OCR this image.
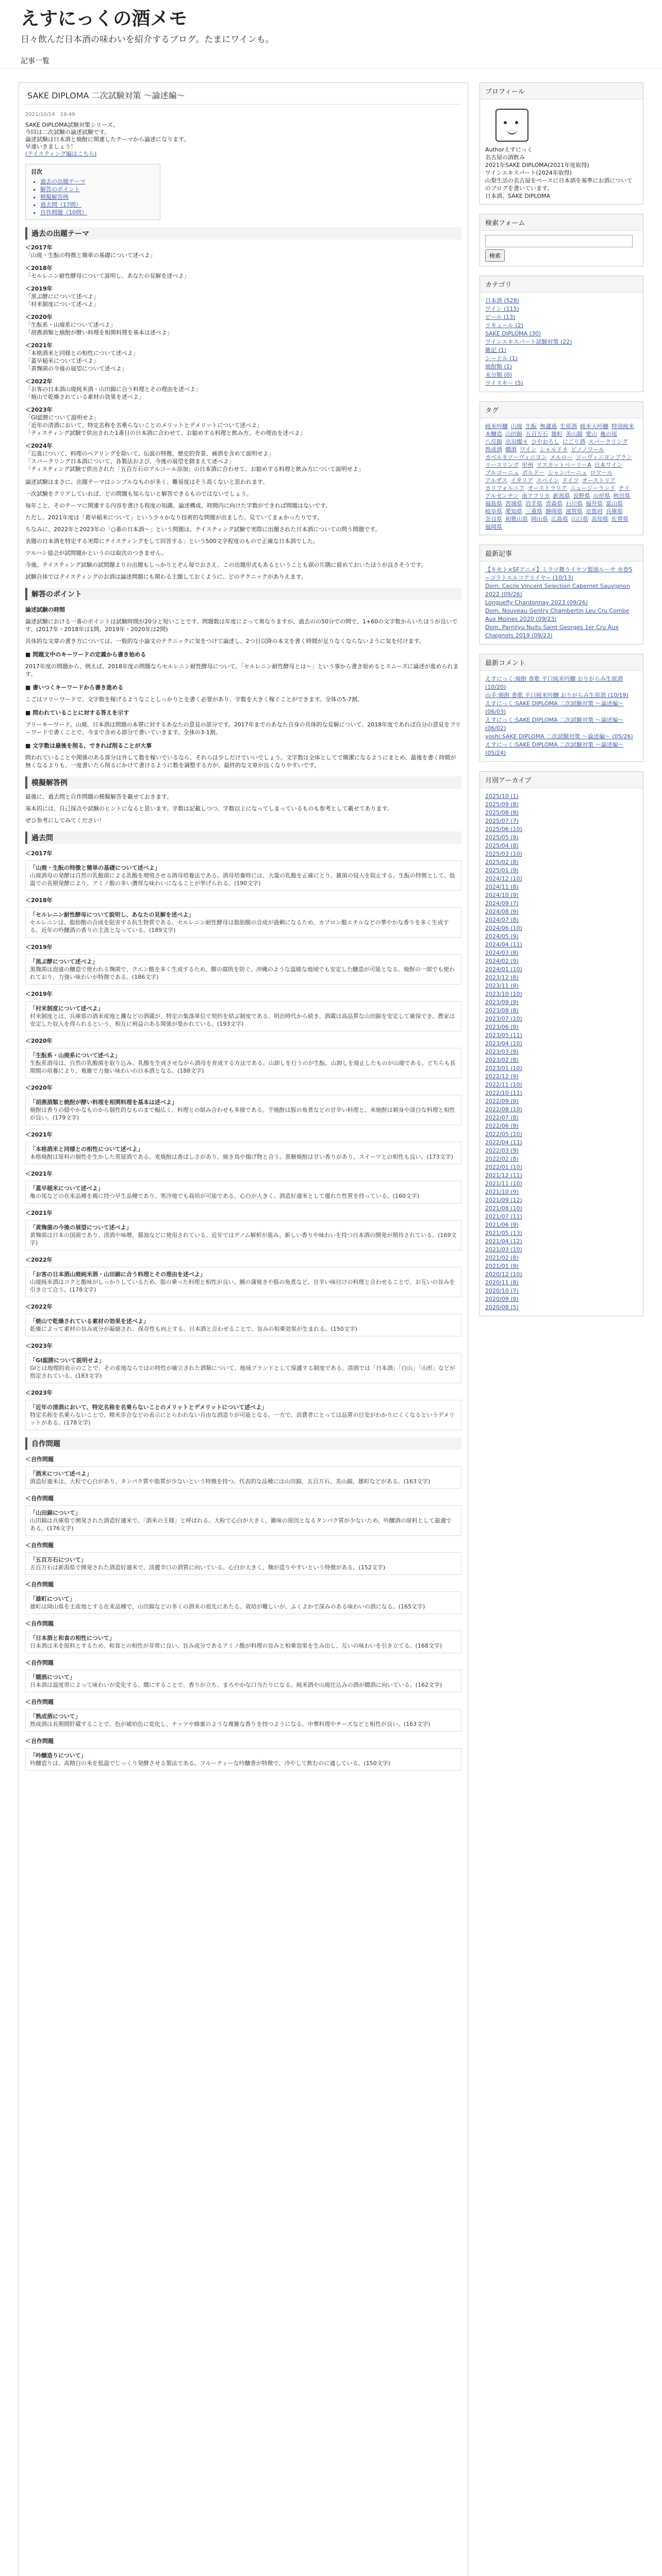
えすにっくの酒メモ
日々飲んだ日本酒の味わいを紹介するブログ。たまにワインも。
記事一覧
SAKE DIPLOMA 二次試験対策 〜論述編〜
2021/10/14　19:49

SAKE DIPLOMA試験対策シリーズ。

今回は二次試験の論述試験です。

論述試験は日本酒と焼酎に関連したテーマから論述になります。

早速いきましょう！

(テイスティング編はこちら)

目次
• 過去の出題テーマ
• 解答のポイント
• 模擬解答例
• 過去問（17問）
• 自作問題（10問）
過去の出題テーマ
＜2017年
「山廃・生酛の特徴と簡単の基礎について述べよ」
＜2018年
「セルレニン耐性酵母について説明し、あなたの見解を述べよ」
＜2019年
「黒ぶ酵にについて述べよ」
「村米制度について述べよ」
＜2020年
「生酛系・山廃系について述べよ」
「胡燕酒類と焼酎が酵い料理を相関料理を基本は述べよ」
＜2021年
「本格酒米と同様との相性について述べよ」
「蓋早稲米について述べよ」
「黄麹菌の今後の展望について述べよ」
＜2022年
「お客の日本酒山廃純米酒・山田錦に合う料理とその理由を述べよ」
「焼山で乾燥されている素材の効果を述べよ」
＜2023年
「GI認勝について説明せよ」
「近年の清酒において、特定名称を名乗らないことのメリットとデメリットについて述べよ」
「ティスティング試験で供出された1番目の日本酒に合わせて、お勧めする料理と飲み方、その理由を述べよ」
＜2024年
「忘進について、料理のペアリングを除いて、伝説の特徴、歴史的背景、痛酒を含めて説明せよ」
「スパークリング日本酒について、各製法および、今後の展望を踏まえて述べよ」
「ティスティング試験で供出された「五百万石のアルコール添加」の日本酒に合わせて、お勧めする料理と飲み方について説明せよ」
論述試験はまさに、出題テーマはシンプルなものが多く、難易度はそう高くないと思われます。
一次試験をクリアしていれば、どの問題も知らないと解答できるものではないでしょう。
毎年こと、そのテーマに関連する内容を書ける程度の知識、論述構成、時間内に向けた字数ができれば問題はないです。
ただし、2021年度は「葛早稲米について」という少々かなり技術的な問題が出ました。見ていてまぁかったりです。
ちなみに、2022年と2023年の「○番の日本酒～」という問題は、テイスティング試験で実際に出題された日本酒についての問う問題です。
表題の日本酒を特定する実際にテイスティングをして回答する」という500文字程度のもので正確な日本酒でした。
ツルハシ協会が試問題かというのは取次のつきません。
今後、テイスティング試験の試問題よりの出題もしっかりとぞん毎でおさえ、この出題形式もあるということも頭の片隅に留めておいたほうが良さそうです。
試験自体ではテイスティングのお酒は論述問題にも関わる主題しておくように、どのテクニックがありえます。
解答のポイント
論述試験の時間
論述試験における一番のポイントは試験時間が20分と短いことです。問題数は年度によって異なりますが、過去のの50分での問で、1+60の文字数からいたほうが良いです。(2017年・2018年は1問、2019年・2020年は2問)
具体的な文章の書き方については、一般的な小論文のテクニックに気をつけて論述し、2つ目以降の本文を書く時間が足りなくならないように気を付けます。
■ 問題文中のキーワードの定義から書き始める
2017年度の問題から、例えば、2018年度の問題ならセルレニン耐性酵母について、「セルレニン耐性酵母とは～」という事から書き始めるとスムーズに論述が進められます。
■ 書いつくキーワードから書き進める
こごはツリーワードで、文字数を稼げるようなことしっかりとを書く必要があり、字数を大きく稼ぐことができます。全体の5-7割。
■ 問われていることに対する答えを示す
フリーキーワード。山廃、日本酒は問題の本質に対するあなたの意見の部分です。2017年までのあなた自身の具体的な見解について、2018年度であれば自分の意見をフリーワードで書くことで、今まで含める部分で書いていきます。全体の3-1割。
■ 文字数は最後を削る、できれば削ることが大事
問われていることや関係のある部分は外して数を稼いでいるなら、それらは少しだけでいいでしょう。文字数は全体としてで簡潔になるようにまとめ、最後を書く時間が無くなるよりも、一度書いたら削るにかけて書けるように数を調整する方が、最終的な文章が良くなりやすいです。
模擬解答例
最後に、過去問と自作問題の模擬解答を載せておきます。
基本的には、自己採点や試験のヒントになると思います。字数は記載しつつ、字数以上になってしまっているものも参考として載せてあります。
ぜひ参考にしてみてください！
過去問
＜2017年
「山廃・生酛の特徴と簡単の基礎について述べよ」
山廃酒母の発酵は自然の乳酸菌による乳酸を増殖させる酒母培養法である。酒母培養時には、大量の乳酸を正確にとり、雑菌の侵入を阻止する。生酛の特徴として、低温での長期発酵により、アミノ酸の多い濃厚な味わいになることが挙げられる。(190文字)
＜2018年
「セルレニン耐性酵母について説明し、あなたの見解を述べよ」
セルレニンは、脂肪酸の合成を阻害する抗生物質である。セルレニン耐性酵母は脂肪酸の合成が過剰になるため、カプロン酸エチルなどの華やかな香りを多く生成する。近年の吟醸酒の香りの主流となっている。(189文字)
＜2019年
「黒ぶ酵について述べよ」
黒麹菌は泡盛の醸造で使われる麹菌で、クエン酸を多く生成するため、醪の腐敗を防ぐ。沖縄のような温暖な地域でも安定した醸造が可能となる。焼酎の一部でも使われており、力強い味わいが特徴である。(186文字)
＜2019年
「村米制度について述べよ」
村米制度とは、兵庫県の酒米産地と灘などの酒蔵が、特定の集落単位で契約を結ぶ制度である。明治時代から続き、酒蔵は高品質な山田錦を安定して確保でき、農家は安定した収入を得られるという、相互に利益のある関係が築かれている。(193文字)
＜2020年
「生酛系・山廃系について述べよ」
生酛系酒母は、自然の乳酸菌を取り込み、乳酸を生成させながら酒母を育成する方法である。山卸しを行うのが生酛、山卸しを廃止したものが山廃である。どちらも長期間の培養により、複雑で力強い味わいの日本酒となる。(188文字)
＜2020年
「胡燕酒類と焼酎が酵い料理を相関料理を基本は述べよ」
焼酎は香りの穏やかなものから個性的なものまで幅広く、料理との組み合わせも多様である。芋焼酎は豚の角煮などの甘辛い料理と、米焼酎は刺身や淡白な料理と相性が良い。(179文字)
＜2021年
「本格酒米と同様との相性について述べよ」
本格焼酎は原料の個性を生かした蒸留酒である。麦焼酎は香ばしさがあり、焼き鳥や揚げ物と合う。黒糖焼酎は甘い香りがあり、スイーツとの相性も良い。(173文字)
＜2021年
「蓋早稲米について述べよ」
亀の尾などの在来品種を親に持つ早生品種であり、寒冷地でも栽培が可能である。心白が大きく、酒造好適米として優れた性質を持っている。(160文字)
＜2021年
「黄麹菌の今後の展望について述べよ」
黄麹菌は日本の国菌であり、清酒や味噌、醤油などに使用されている。近年ではゲノム解析が進み、新しい香りや味わいを持つ日本酒の開発が期待されている。(169文字)
＜2022年
「お客の日本酒山廃純米酒・山田錦に合う料理とその理由を述べよ」
山廃純米酒はコクと酸味がしっかりしているため、脂の乗った料理と相性が良い。鰻の蒲焼きや豚の角煮など、甘辛い味付けの料理と合わせることで、お互いの旨みを引き立て合う。(178文字)
＜2022年
「焼山で乾燥されている素材の効果を述べよ」
乾燥によって素材の旨み成分が凝縮され、保存性も向上する。日本酒と合わせることで、旨みの相乗効果が生まれる。(150文字)
＜2023年
「GI認勝について説明せよ」
GIとは地理的表示のことで、その産地ならではの特性が確立された酒類について、地域ブランドとして保護する制度である。清酒では「日本酒」「白山」「山形」などが指定されている。(183文字)
＜2023年
「近年の清酒において、特定名称を名乗らないことのメリットとデメリットについて述べよ」
特定名称を名乗らないことで、精米歩合などの表示にとらわれない自由な酒造りが可能となる。一方で、消費者にとっては品質の目安がわかりにくくなるというデメリットがある。(178文字)
自作問題
＜自作問題
「酒米について述べよ」
酒造好適米は、大粒で心白があり、タンパク質や脂質が少ないという特徴を持つ。代表的な品種には山田錦、五百万石、美山錦、雄町などがある。(163文字)
＜自作問題
「山田錦について」
山田錦は兵庫県で開発された酒造好適米で、「酒米の王様」と呼ばれる。大粒で心白が大きく、雑味の原因となるタンパク質が少ないため、吟醸酒の原料として最適である。(176文字)
＜自作問題
「五百万石について」
五百万石は新潟県で開発された酒造好適米で、淡麗辛口の酒質に向いている。心白が大きく、麹が造りやすいという特徴がある。(152文字)
＜自作問題
「雄町について」
雄町は岡山県を主産地とする在来品種で、山田錦などの多くの酒米の祖先にあたる。栽培が難しいが、ふくよかで深みのある味わいの酒になる。(165文字)
＜自作問題
「日本酒と和食の相性について」
日本酒は米を原料とするため、和食との相性が非常に良い。旨み成分であるアミノ酸が料理の旨みと相乗効果を生み出し、互いの味わいを引き立てる。(168文字)
＜自作問題
「燗酒について」
日本酒は温度帯によって味わいが変化する。燗にすることで、香りが立ち、まろやかな口当たりになる。純米酒や山廃仕込みの酒が燗酒に向いている。(162文字)
＜自作問題
「熟成酒について」
熟成酒は長期間貯蔵することで、色が琥珀色に変化し、ナッツや蜂蜜のような複雑な香りを持つようになる。中華料理やチーズなどと相性が良い。(163文字)
＜自作問題
「吟醸造りについて」
吟醸造りは、高精白の米を低温でじっくり発酵させる製法である。フルーティーな吟醸香が特徴で、冷やして飲むのに適している。(150文字)
プロフィール
Authorえすにっく
名古屋の酒飲み
2021年SAKE DIPLOMA(2021年度取得)
ワインエキスパート(2024年取得)
山梨生活の名古屋をベースに日本酒を基準にお酒についてのブログを書いています。
日本酒、SAKE DIPLOMA
検索フォーム

検索
カテゴリ
日本酒 (528)
ワイン (115)
ビール (13)
リキュール (2)
SAKE DIPLOMA (30)
ワインエキスパート試験対策 (22)
雑記 (1)
シードル (1)
焼酎類 (1)
未分類 (0)
ウイスキー (5)
タグ
純米吟醸 山廃 生酛 無濾過 生原酒 純米大吟醸 特別純米本醸造 山田錦 五百万石 雄町 美山錦 愛山 亀の尾八反錦 出羽燦々 ひやおろし にごり酒 スパークリング熟成酒 燗酒 ワイン シャルドネ ピノノワールカベルネソーヴィニヨン メルロー ソーヴィニヨンブランリースリング 甲州 マスカットベーリーA 日本ワインブルゴーニュ ボルドー シャンパーニュ ロワールアルザス イタリア スペイン ドイツ オーストリアカリフォルニア オーストラリア ニュージーランド チリアルゼンチン 南アフリカ 新潟県 長野県 山形県 秋田県福島県 宮城県 岩手県 青森県 石川県 福井県 富山県岐阜県 愛知県 三重県 静岡県 滋賀県 京都府 兵庫県奈良県 和歌山県 岡山県 広島県 山口県 高知県 佐賀県福岡県
最新記事
【キモト×SFアニメ】ミラツ舞うイヤソ製油ルーサ 水巻5 ~ゴラトエルコアリイヤ~ (10/13)
Dom. Cecile Vincent Selection Cabernet Sauvignon 2022 (09/26)
Longuefly Chardonnay 2023 (09/26)
Dom. Nouveau Gentry Chambertin Leu Cru Combe Aux Moines 2020 (09/23)
Dom. Parnilyu Nuits-Saint Georges 1er Cru Aux Chaignots 2019 (09/23)
最新コメント
えすにっく:焼酎 香歌 平口純米吟醸 おりがらみ生原酒 (10/20)
山手:焼酎 香歌 平口純米吟醸 おりがらみ生原酒 (10/19)
えすにっく:SAKE DIPLOMA 二次試験対策 〜論述編〜 (06/03)
えすにっく:SAKE DIPLOMA 二次試験対策 〜論述編〜 (06/02)
yoshi:SAKE DIPLOMA 二次試験対策 〜論述編〜 (05/26)
えすにっく:SAKE DIPLOMA 二次試験対策 〜論述編〜 (05/24)
月別アーカイブ
2025/10 (1)
2025/09 (8)
2025/08 (9)
2025/07 (7)
2025/06 (10)
2025/05 (9)
2025/04 (8)
2025/03 (10)
2025/02 (8)
2025/01 (9)
2024/12 (10)
2024/11 (8)
2024/10 (9)
2024/09 (7)
2024/08 (9)
2024/07 (8)
2024/06 (10)
2024/05 (9)
2024/04 (11)
2024/03 (8)
2024/02 (9)
2024/01 (10)
2023/12 (8)
2023/11 (9)
2023/10 (10)
2023/09 (9)
2023/08 (8)
2023/07 (10)
2023/06 (9)
2023/05 (11)
2023/04 (10)
2023/03 (9)
2023/02 (8)
2023/01 (10)
2022/12 (9)
2022/11 (10)
2022/10 (11)
2022/09 (9)
2022/08 (10)
2022/07 (8)
2022/06 (9)
2022/05 (10)
2022/04 (11)
2022/03 (9)
2022/02 (8)
2022/01 (10)
2021/12 (11)
2021/11 (10)
2021/10 (9)
2021/09 (12)
2021/08 (10)
2021/07 (11)
2021/06 (9)
2021/05 (13)
2021/04 (12)
2021/03 (10)
2021/02 (8)
2021/01 (9)
2020/12 (10)
2020/11 (8)
2020/10 (7)
2020/09 (9)
2020/08 (5)
